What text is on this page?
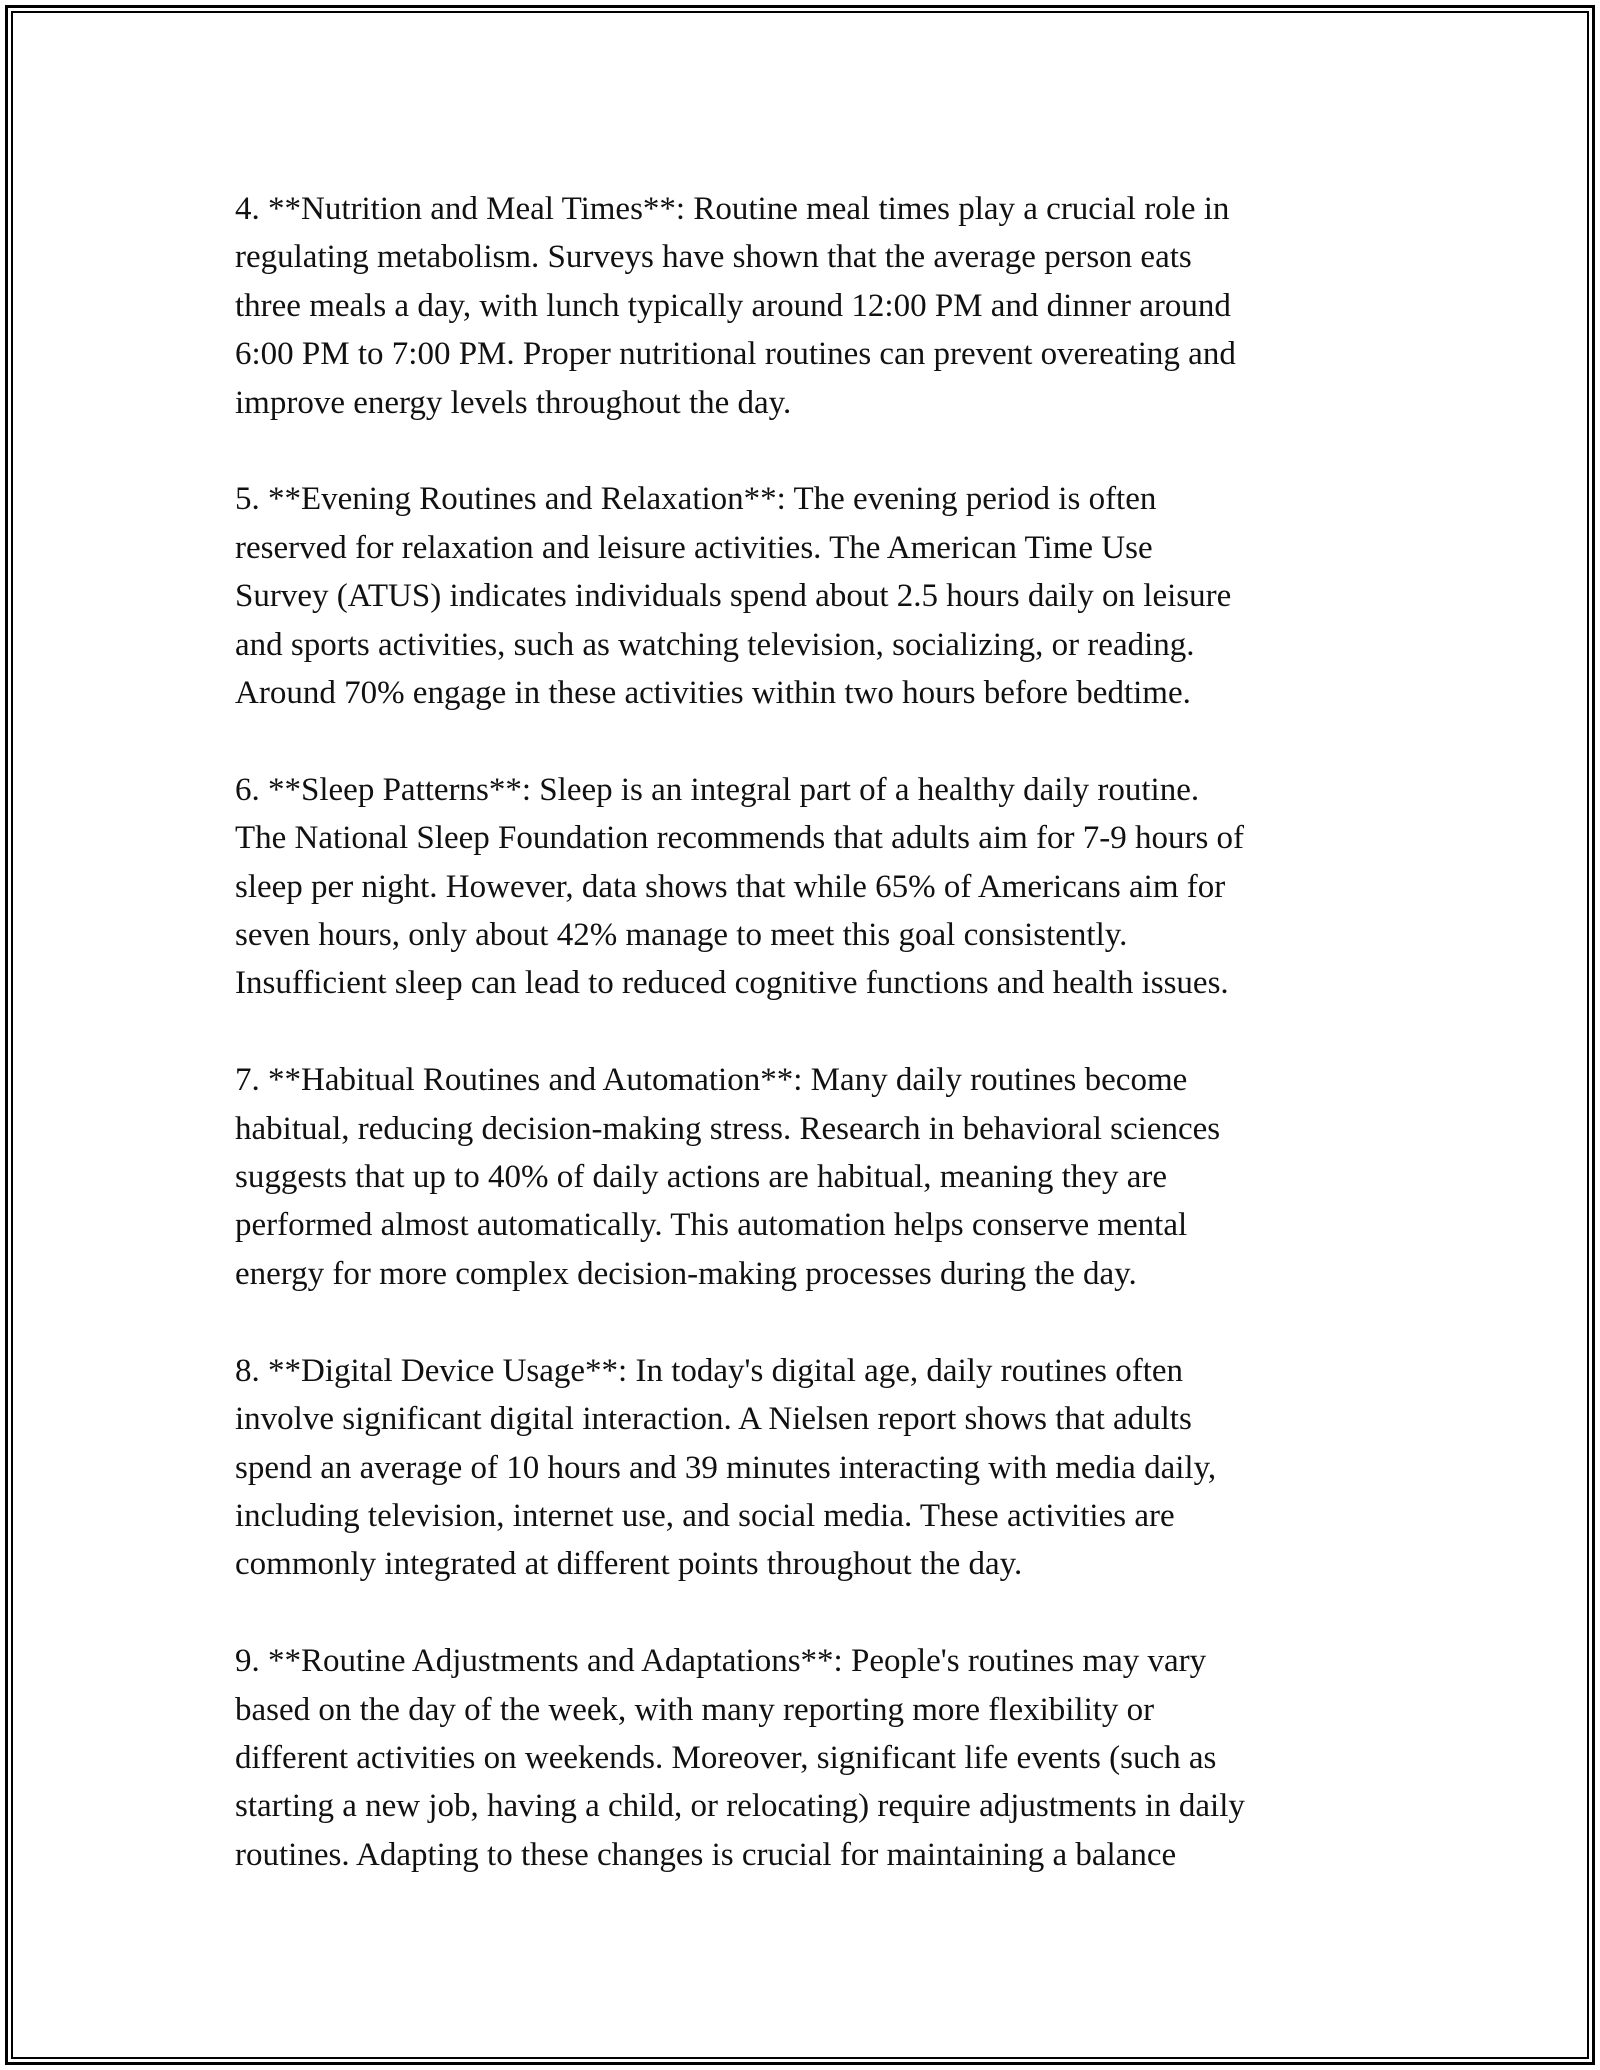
4. **Nutrition and Meal Times**: Routine meal times play a crucial role in
regulating metabolism. Surveys have shown that the average person eats
three meals a day, with lunch typically around 12:00 PM and dinner around
6:00 PM to 7:00 PM. Proper nutritional routines can prevent overeating and
improve energy levels throughout the day.

5. **Evening Routines and Relaxation**: The evening period is often
reserved for relaxation and leisure activities. The American Time Use
Survey (ATUS) indicates individuals spend about 2.5 hours daily on leisure
and sports activities, such as watching television, socializing, or reading.
Around 70% engage in these activities within two hours before bedtime.

6. **Sleep Patterns**: Sleep is an integral part of a healthy daily routine.
The National Sleep Foundation recommends that adults aim for 7-9 hours of
sleep per night. However, data shows that while 65% of Americans aim for
seven hours, only about 42% manage to meet this goal consistently.
Insufficient sleep can lead to reduced cognitive functions and health issues.

7. **Habitual Routines and Automation**: Many daily routines become
habitual, reducing decision-making stress. Research in behavioral sciences
suggests that up to 40% of daily actions are habitual, meaning they are
performed almost automatically. This automation helps conserve mental
energy for more complex decision-making processes during the day.

8. **Digital Device Usage**: In today's digital age, daily routines often
involve significant digital interaction. A Nielsen report shows that adults
spend an average of 10 hours and 39 minutes interacting with media daily,
including television, internet use, and social media. These activities are
commonly integrated at different points throughout the day.

9. **Routine Adjustments and Adaptations**: People's routines may vary
based on the day of the week, with many reporting more flexibility or
different activities on weekends. Moreover, significant life events (such as
starting a new job, having a child, or relocating) require adjustments in daily
routines. Adapting to these changes is crucial for maintaining a balance
